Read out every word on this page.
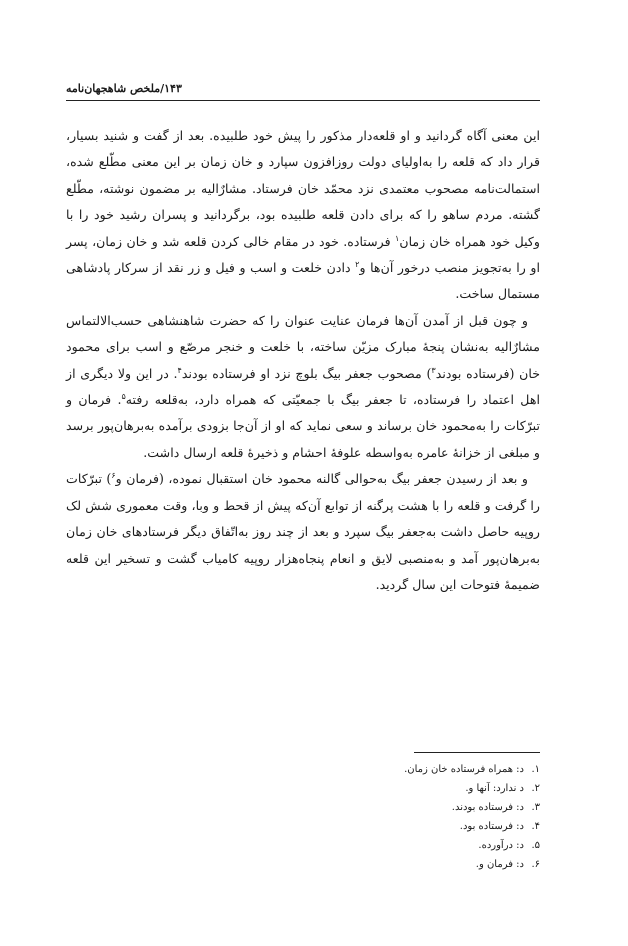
۱۴۳/ملخص شاهجهان‌نامه

این معنی آگاه گردانید و او قلعه‌دار مذکور را پیش خود طلبیده. بعد از گفت و شنید بسیار، قرار داد که قلعه را به‌اولیای دولت روزافزون سپارد و خان زمان بر این معنی مطّلع شده، استمالت‌نامه مصحوب معتمدی نزد محمّد خان فرستاد. مشارٌالیه بر مضمون نوشته، مطّلع گشته. مردم ساهو را که برای دادن قلعه طلبیده بود، برگردانید و پسران رشید خود را با وکیل خود همراه خان زمان$^۱$ فرستاده. خود در مقام خالی کردن قلعه شد و خان زمان، پسر او را به‌تجویز منصب درخور آن‌ها و$^۲$ دادن خلعت و اسب و فیل و زر نقد از سرکار پادشاهی مستمال ساخت.

و چون قبل از آمدن آن‌ها فرمان عنایت عنوان را که حضرت شاهنشاهی حسب‌الالتماس مشارٌالیه به‌نشان پنجهٔ مبارک مزیّن ساخته، با خلعت و خنجر مرصّع و اسب برای محمود خان (فرستاده بودند$^۳$) مصحوب جعفر بیگ بلوچ نزد او فرستاده بودند$^۴$. در این ولا دیگری از اهل اعتماد را فرستاده، تا جعفر بیگ با جمعیّتی که همراه دارد، به‌قلعه رفته$^۵$. فرمان و تبرّکات را به‌محمود خان برساند و سعی نماید که او از آن‌جا بزودی برآمده به‌برهان‌پور برسد و مبلغی از خزانهٔ عامره به‌واسطه علوفهٔ احشام و ذخیرهٔ قلعه ارسال داشت.

و بعد از رسیدن جعفر بیگ به‌حوالی گالنه محمود خان استقبال نموده، (فرمان و$^۶$) تبرّکات را گرفت و قلعه را با هشت پرگنه از توابع آن‌که پیش از قحط و وبا، وقت معموری شش لک روپیه حاصل داشت به‌جعفر بیگ سپرد و بعد از چند روز به‌اتّفاق دیگر فرستادهای خان زمان به‌برهان‌پور آمد و به‌منصبی لایق و انعام پنجاه‌هزار روپیه کامیاب گشت و تسخیر این قلعه ضمیمهٔ فتوحات این سال گردید.

۱.د: همراه فرستاده خان زمان.
۲.د ندارد: آنها و.
۳.د: فرستاده بودند.
۴.د: فرستاده بود.
۵.د: درآورده.
۶.د: فرمان و.
